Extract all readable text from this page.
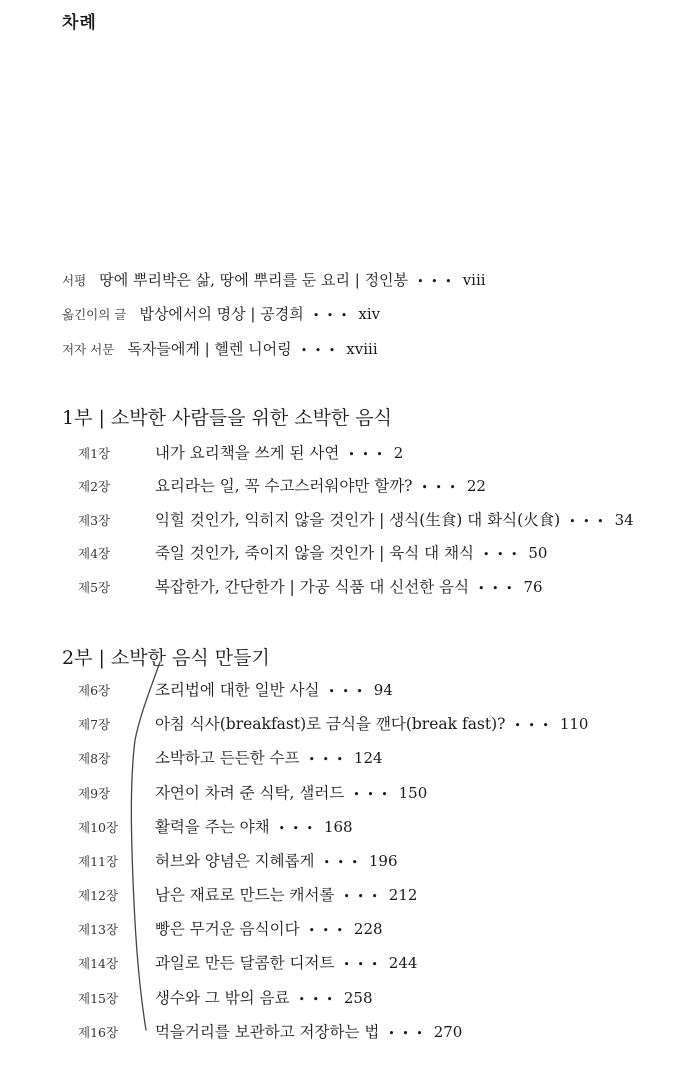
차례
서평 땅에 뿌리박은 삶, 땅에 뿌리를 둔 요리 | 정인봉 • • • viii
옮긴이의 글 밥상에서의 명상 | 공경희 • • • xiv
저자 서문 독자들에게 | 헬렌 니어링 • • • xviii
1부 | 소박한 사람들을 위한 소박한 음식
제1장	내가 요리책을 쓰게 된 사연 • • • 2
제2장	요리라는 일, 꼭 수고스러워야만 할까? • • • 22
제3장	익힐 것인가, 익히지 않을 것인가 | 생식(生食) 대 화식(火食) • • • 34
제4장	죽일 것인가, 죽이지 않을 것인가 | 육식 대 채식 • • • 50
제5장	복잡한가, 간단한가 | 가공 식품 대 신선한 음식 • • • 76
2부 | 소박한 음식 만들기
제6장	조리법에 대한 일반 사실 • • • 94
제7장	아침 식사(breakfast)로 금식을 깬다(break fast)? • • • 110
제8장	소박하고 든든한 수프 • • • 124
제9장	자연이 차려 준 식탁, 샐러드 • • • 150
제10장 활력을 주는 야채 • • • 168
제11장 허브와 양념은 지혜롭게 • • • 196
제12장 남은 재료로 만드는 캐서롤 • • • 212
제13장 빵은 무거운 음식이다 • • • 228
제14장 과일로 만든 달콤한 디저트 • • • 244
제15장 생수와 그 밖의 음료 • • • 258
제16장 먹을거리를 보관하고 저장하는 법 • • • 270
